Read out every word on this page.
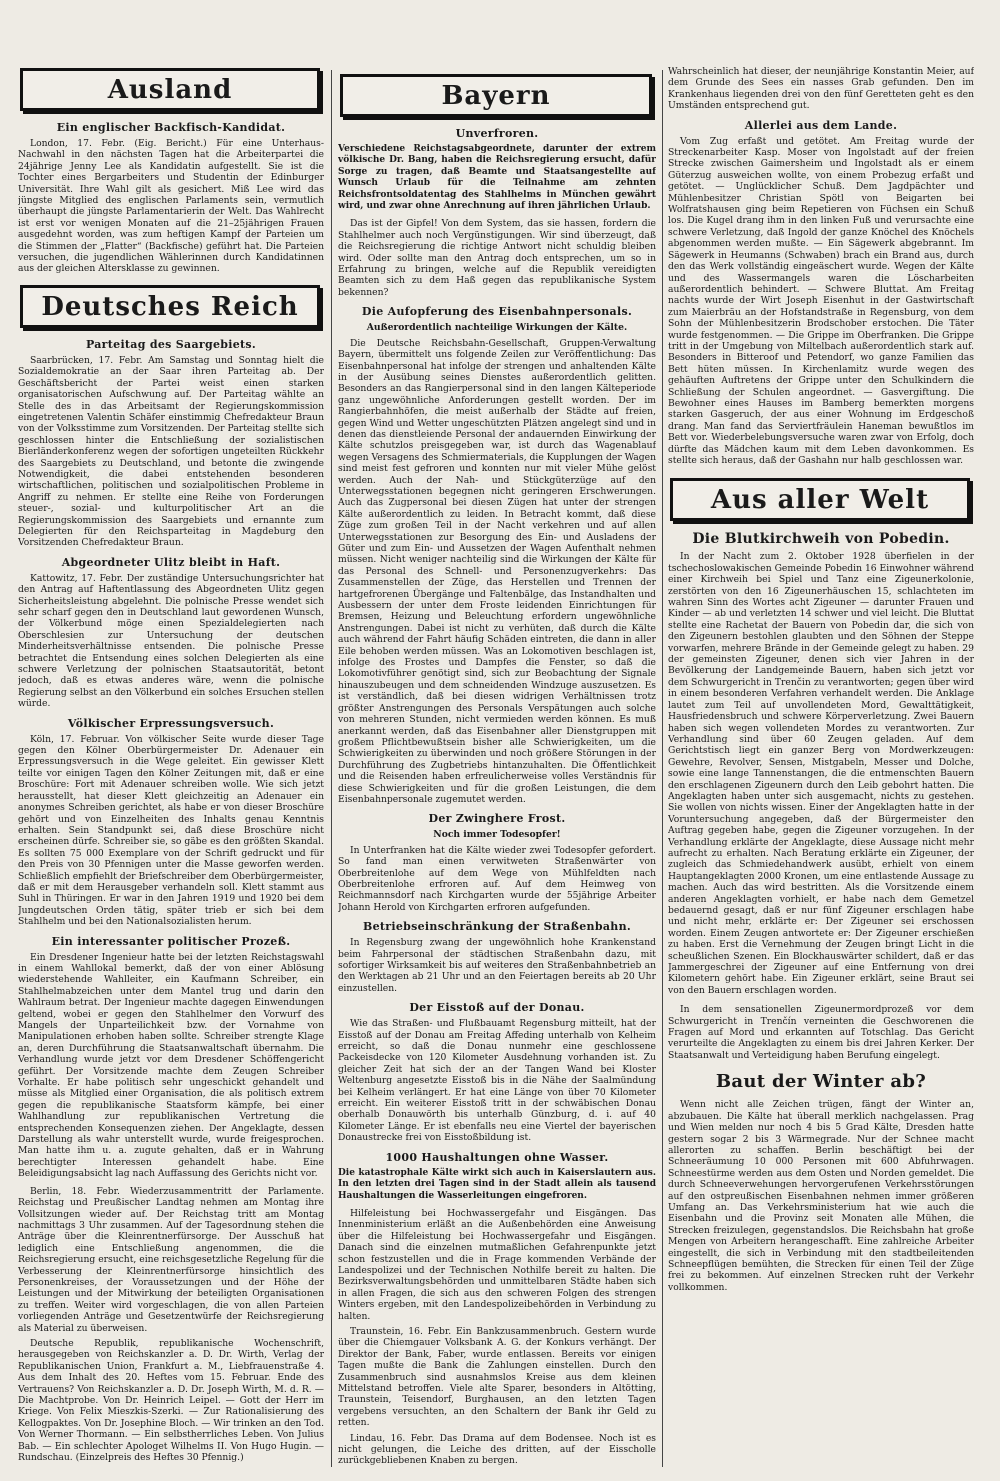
Ausland
Ein englischer Backfisch-Kandidat.

London, 17. Febr. (Eig. Bericht.) Für eine Unterhaus-Nachwahl in den nächsten Tagen hat die Arbeiterpartei die 24jährige Jenny Lee als Kandidatin aufgestellt. Sie ist die Tochter eines Bergarbeiters und Studentin der Edinburger Universität. Ihre Wahl gilt als gesichert. Miß Lee wird das jüngste Mitglied des englischen Parlaments sein, vermutlich überhaupt die jüngste Parlamentarierin der Welt. Das Wahlrecht ist erst vor wenigen Monaten auf die 21–25jährigen Frauen ausgedehnt worden, was zum heftigen Kampf der Parteien um die Stimmen der „Flatter“ (Backfische) geführt hat. Die Parteien versuchen, die jugendlichen Wählerinnen durch Kandidatinnen aus der gleichen Altersklasse zu gewinnen.

Deutsches Reich
Parteitag des Saargebiets.

Saarbrücken, 17. Febr. Am Samstag und Sonntag hielt die Sozialdemokratie an der Saar ihren Parteitag ab. Der Geschäftsbericht der Partei weist einen starken organisatorischen Aufschwung auf. Der Parteitag wählte an Stelle des in das Arbeitsamt der Regierungskommission eingetretenen Valentin Schäfer einstimmig Chefredakteur Braun von der Volksstimme zum Vorsitzenden. Der Parteitag stellte sich geschlossen hinter die Entschließung der sozialistischen Bierländerkonferenz wegen der sofortigen ungeteilten Rückkehr des Saargebiets zu Deutschland, und betonte die zwingende Notwendigkeit, die dabei entstehenden besonderen wirtschaftlichen, politischen und sozialpolitischen Probleme in Angriff zu nehmen. Er stellte eine Reihe von Forderungen steuer-, sozial- und kulturpolitischer Art an die Regierungskommission des Saargebiets und ernannte zum Delegierten für den Reichsparteitag in Magdeburg den Vorsitzenden Chefredakteur Braun.

Abgeordneter Ulitz bleibt in Haft.

Kattowitz, 17. Febr. Der zuständige Untersuchungsrichter hat den Antrag auf Haftentlassung des Abgeordneten Ulitz gegen Sicherheitsleistung abgelehnt. Die polnische Presse wendet sich sehr scharf gegen den in Deutschland laut gewordenen Wunsch, der Völkerbund möge einen Spezialdelegierten nach Oberschlesien zur Untersuchung der deutschen Minderheitsverhältnisse entsenden. Die polnische Presse betrachtet die Entsendung eines solchen Delegierten als eine schwere Verletzung der polnischen Staatsautorität, betont jedoch, daß es etwas anderes wäre, wenn die polnische Regierung selbst an den Völkerbund ein solches Ersuchen stellen würde.

Völkischer Erpressungsversuch.

Köln, 17. Februar. Von völkischer Seite wurde dieser Tage gegen den Kölner Oberbürgermeister Dr. Adenauer ein Erpressungsversuch in die Wege geleitet. Ein gewisser Klett teilte vor einigen Tagen den Kölner Zeitungen mit, daß er eine Broschüre: Fort mit Adenauer schreiben wolle. Wie sich jetzt herausstellt, hat dieser Klett gleichzeitig an Adenauer ein anonymes Schreiben gerichtet, als habe er von dieser Broschüre gehört und von Einzelheiten des Inhalts genau Kenntnis erhalten. Sein Standpunkt sei, daß diese Broschüre nicht erscheinen dürfe. Schreiber sie, so gäbe es den größten Skandal. Es sollten 75 000 Exemplare von der Schrift gedruckt und für den Preis von 30 Pfennigen unter die Masse geworfen werden. Schließlich empfiehlt der Briefschreiber dem Oberbürgermeister, daß er mit dem Herausgeber verhandeln soll. Klett stammt aus Suhl in Thüringen. Er war in den Jahren 1919 und 1920 bei dem Jungdeutschen Orden tätig, später trieb er sich bei dem Stahlhelm und bei den Nationalsozialisten herum.

Ein interessanter politischer Prozeß.

Ein Dresdener Ingenieur hatte bei der letzten Reichstagswahl in einem Wahllokal bemerkt, daß der von einer Ablösung wiederstehende Wahlleiter, ein Kaufmann Schreiber, ein Stahlhelmabzeichen unter dem Mantel trug und darin den Wahlraum betrat. Der Ingenieur machte dagegen Einwendungen geltend, wobei er gegen den Stahlhelmer den Vorwurf des Mangels der Unparteilichkeit bzw. der Vornahme von Manipulationen erhoben haben sollte. Schreiber strengte Klage an, deren Durchführung die Staatsanwaltschaft übernahm. Die Verhandlung wurde jetzt vor dem Dresdener Schöffengericht geführt. Der Vorsitzende machte dem Zeugen Schreiber Vorhalte. Er habe politisch sehr ungeschickt gehandelt und müsse als Mitglied einer Organisation, die als politisch extrem gegen die republikanische Staatsform kämpfe, bei einer Wahlhandlung zur republikanischen Vertretung die entsprechenden Konsequenzen ziehen. Der Angeklagte, dessen Darstellung als wahr unterstellt wurde, wurde freigesprochen. Man hatte ihm u. a. zugute gehalten, daß er in Wahrung berechtigter Interessen gehandelt habe. Eine Beleidigungsabsicht lag nach Auffassung des Gerichts nicht vor.

Berlin, 18. Febr. Wiederzusammentritt der Parlamente. Reichstag und Preußischer Landtag nehmen am Montag ihre Vollsitzungen wieder auf. Der Reichstag tritt am Montag nachmittags 3 Uhr zusammen. Auf der Tagesordnung stehen die Anträge über die Kleinrentnerfürsorge. Der Ausschuß hat lediglich eine Entschließung angenommen, die die Reichsregierung ersucht, eine reichsgesetzliche Regelung für die Verbesserung der Kleinrentnerfürsorge hinsichtlich des Personenkreises, der Voraussetzungen und der Höhe der Leistungen und der Mitwirkung der beteiligten Organisationen zu treffen. Weiter wird vorgeschlagen, die von allen Parteien vorliegenden Anträge und Gesetzentwürfe der Reichsregierung als Material zu überweisen.

Deutsche Republik, republikanische Wochenschrift, herausgegeben von Reichskanzler a. D. Dr. Wirth, Verlag der Republikanischen Union, Frankfurt a. M., Liebfrauenstraße 4. Aus dem Inhalt des 20. Heftes vom 15. Februar. Ende des Vertrauens? Von Reichskanzler a. D. Dr. Joseph Wirth, M. d. R. — Die Machtprobe. Von Dr. Heinrich Leipel. — Gott der Herr im Kriege. Von Felix Mieszkis-Szerki. — Zur Rationalisierung des Kellogpaktes. Von Dr. Josephine Bloch. — Wir trinken an den Tod. Von Werner Thormann. — Ein selbstherrliches Leben. Von Julius Bab. — Ein schlechter Apologet Wilhelms II. Von Hugo Hugin. — Rundschau. (Einzelpreis des Heftes 30 Pfennig.)

Bayern
Unverfroren.
Verschiedene Reichstagsabgeordnete, darunter der extrem völkische Dr. Bang, haben die Reichsregierung ersucht, dafür Sorge zu tragen, daß Beamte und Staatsangestellte auf Wunsch Urlaub für die Teilnahme am zehnten Reichsfrontsoldatentag des Stahlhelms in München gewährt wird, und zwar ohne Anrechnung auf ihren jährlichen Urlaub.

Das ist der Gipfel! Von dem System, das sie hassen, fordern die Stahlhelmer auch noch Vergünstigungen. Wir sind überzeugt, daß die Reichsregierung die richtige Antwort nicht schuldig bleiben wird. Oder sollte man den Antrag doch entsprechen, um so in Erfahrung zu bringen, welche auf die Republik vereidigten Beamten sich zu dem Haß gegen das republikanische System bekennen?

Die Aufopferung des Eisenbahnpersonals.
Außerordentlich nachteilige Wirkungen der Kälte.

Die Deutsche Reichsbahn-Gesellschaft, Gruppen-Verwaltung Bayern, übermittelt uns folgende Zeilen zur Veröffentlichung: Das Eisenbahnpersonal hat infolge der strengen und anhaltenden Kälte in der Ausübung seines Dienstes außerordentlich gelitten. Besonders an das Rangierpersonal sind in den langen Kälteperiode ganz ungewöhnliche Anforderungen gestellt worden. Der im Rangierbahnhöfen, die meist außerhalb der Städte auf freien, gegen Wind und Wetter ungeschützten Plätzen angelegt sind und in denen das dienstleiende Personal der andauernden Einwirkung der Kälte schutzlos preisgegeben war, ist durch das Wagenablauf wegen Versagens des Schmiermaterials, die Kupplungen der Wagen sind meist fest gefroren und konnten nur mit vieler Mühe gelöst werden. Auch der Nah- und Stückgüterzüge auf den Unterwegsstationen begegnen nicht geringeren Erschwerungen. Auch das Zugpersonal bei diesen Zügen hat unter der strengen Kälte außerordentlich zu leiden. In Betracht kommt, daß diese Züge zum großen Teil in der Nacht verkehren und auf allen Unterwegsstationen zur Besorgung des Ein- und Ausladens der Güter und zum Ein- und Aussetzen der Wagen Aufenthalt nehmen müssen. Nicht weniger nachteilig sind die Wirkungen der Kälte für das Personal des Schnell- und Personenzugverkehrs: Das Zusammenstellen der Züge, das Herstellen und Trennen der hartgefrorenen Übergänge und Faltenbälge, das Instandhalten und Ausbessern der unter dem Froste leidenden Einrichtungen für Bremsen, Heizung und Beleuchtung erfordern ungewöhnliche Anstrengungen. Dabei ist nicht zu verhüten, daß durch die Kälte auch während der Fahrt häufig Schäden eintreten, die dann in aller Eile behoben werden müssen. Was an Lokomotiven beschlagen ist, infolge des Frostes und Dampfes die Fenster, so daß die Lokomotivführer genötigt sind, sich zur Beobachtung der Signale hinauszubeugen und dem schneidenden Windzuge auszusetzen. Es ist verständlich, daß bei diesen widrigen Verhältnissen trotz größter Anstrengungen des Personals Verspätungen auch solche von mehreren Stunden, nicht vermieden werden können. Es muß anerkannt werden, daß das Eisenbahner aller Dienstgruppen mit großem Pflichtbewußtsein bisher alle Schwierigkeiten, um die Schwierigkeiten zu überwinden und noch größere Störungen in der Durchführung des Zugbetriebs hintanzuhalten. Die Öffentlichkeit und die Reisenden haben erfreulicherweise volles Verständnis für diese Schwierigkeiten und für die großen Leistungen, die dem Eisenbahnpersonale zugemutet werden.

Der Zwinghere Frost.
Noch immer Todesopfer!

In Unterfranken hat die Kälte wieder zwei Todesopfer gefordert. So fand man einen verwitweten Straßenwärter von Oberbreitenlohe auf dem Wege von Mühlfeldten nach Oberbreitenlohe erfroren auf. Auf dem Heimweg von Reichmannsdorf nach Kirchgarten wurde der 55jährige Arbeiter Johann Herold von Kirchgarten erfroren aufgefunden.

Betriebseinschränkung der Straßenbahn.

In Regensburg zwang der ungewöhnlich hohe Krankenstand beim Fahrpersonal der städtischen Straßenbahn dazu, mit sofortiger Wirksamkeit bis auf weiteres den Straßenbahnbetrieb an den Werktagen ab 21 Uhr und an den Feiertagen bereits ab 20 Uhr einzustellen.

Der Eisstoß auf der Donau.

Wie das Straßen- und Flußbauamt Regensburg mitteilt, hat der Eisstoß auf der Donau am Freitag Affeding unterhalb von Kelheim erreicht, so daß die Donau nunmehr eine geschlossene Packeisdecke von 120 Kilometer Ausdehnung vorhanden ist. Zu gleicher Zeit hat sich der an der Tangen Wand bei Kloster Weltenburg angesetzte Eisstoß bis in die Nähe der Saalmündung bei Kelheim verlängert. Er hat eine Länge von über 70 Kilometer erreicht. Ein weiterer Eisstoß tritt in der schwäbischen Donau oberhalb Donauwörth bis unterhalb Günzburg, d. i. auf 40 Kilometer Länge. Er ist ebenfalls neu eine Viertel der bayerischen Donaustrecke frei von Eisstoßbildung ist.

1000 Haushaltungen ohne Wasser.
Die katastrophale Kälte wirkt sich auch in Kaiserslautern aus. In den letzten drei Tagen sind in der Stadt allein als tausend Haushaltungen die Wasserleitungen eingefroren.

Hilfeleistung bei Hochwassergefahr und Eisgängen. Das Innenministerium erläßt an die Außenbehörden eine Anweisung über die Hilfeleistung bei Hochwassergefahr und Eisgängen. Danach sind die einzelnen mutmaßlichen Gefahrenpunkte jetzt schon festzustellen und die in Frage kommenden Verbände der Landespolizei und der Technischen Nothilfe bereit zu halten. Die Bezirksverwaltungsbehörden und unmittelbaren Städte haben sich in allen Fragen, die sich aus den schweren Folgen des strengen Winters ergeben, mit den Landespolizeibehörden in Verbindung zu halten.

Traunstein, 16. Febr. Ein Bankzusammenbruch. Gestern wurde über die Chiemgauer Volksbank A. G. der Konkurs verhängt. Der Direktor der Bank, Faber, wurde entlassen. Bereits vor einigen Tagen mußte die Bank die Zahlungen einstellen. Durch den Zusammenbruch sind ausnahmslos Kreise aus dem kleinen Mittelstand betroffen. Viele alte Sparer, besonders in Altötting, Traunstein, Teisendorf, Burghausen, an den letzten Tagen vergebens versuchten, an den Schaltern der Bank ihr Geld zu retten.

Lindau, 16. Febr. Das Drama auf dem Bodensee. Noch ist es nicht gelungen, die Leiche des dritten, auf der Eisscholle zurückgebliebenen Knaben zu bergen.

Wahrscheinlich hat dieser, der neunjährige Konstantin Meier, auf dem Grunde des Sees ein nasses Grab gefunden. Den im Krankenhaus liegenden drei von den fünf Geretteten geht es den Umständen entsprechend gut.

Allerlei aus dem Lande.

Vom Zug erfaßt und getötet. Am Freitag wurde der Streckenarbeiter Kasp. Moser von Ingolstadt auf der freien Strecke zwischen Gaimersheim und Ingolstadt als er einem Güterzug ausweichen wollte, von einem Probezug erfaßt und getötet. — Unglücklicher Schuß. Dem Jagdpächter und Mühlenbesitzer Christian Spötl von Beigarten bei Wolfratshausen ging beim Repetieren von Füchsen ein Schuß los. Die Kugel drang ihm in den linken Fuß und verursachte eine schwere Verletzung, daß Ingold der ganze Knöchel des Knöchels abgenommen werden mußte. — Ein Sägewerk abgebrannt. Im Sägewerk in Heumanns (Schwaben) brach ein Brand aus, durch den das Werk vollständig eingeäschert wurde. Wegen der Kälte und des Wassermangels waren die Löscharbeiten außerordentlich behindert. — Schwere Bluttat. Am Freitag nachts wurde der Wirt Joseph Eisenhut in der Gastwirtschaft zum Maierbräu an der Hofstandstraße in Regensburg, von dem Sohn der Mühlenbesitzerin Brodschober erstochen. Die Täter wurde festgenommen. — Die Grippe im Oberfranken. Die Grippe tritt in der Umgebung von Miltelbach außerordentlich stark auf. Besonders in Bitteroof und Petendorf, wo ganze Familien das Bett hüten müssen. In Kirchenlamitz wurde wegen des gehäuften Auftretens der Grippe unter den Schulkindern die Schließung der Schulen angeordnet. — Gasvergiftung. Die Bewohner eines Hauses im Bamberg bemerkten morgens starken Gasgeruch, der aus einer Wohnung im Erdgeschoß drang. Man fand das Serviertfräulein Haneman bewußtlos im Bett vor. Wiederbelebungsversuche waren zwar von Erfolg, doch dürfte das Mädchen kaum mit dem Leben davonkommen. Es stellte sich heraus, daß der Gashahn nur halb geschlossen war.

Aus aller Welt
Die Blutkirchweih von Pobedin.

In der Nacht zum 2. Oktober 1928 überfielen in der tschechoslowakischen Gemeinde Pobedin 16 Einwohner während einer Kirchweih bei Spiel und Tanz eine Zigeunerkolonie, zerstörten von den 16 Zigeunerhäuschen 15, schlachteten im wahren Sinn des Wortes acht Zigeuner — darunter Frauen und Kinder — ab und verletzten 14 schwer und viel leicht. Die Bluttat stellte eine Rachetat der Bauern von Pobedin dar, die sich von den Zigeunern bestohlen glaubten und den Söhnen der Steppe vorwarfen, mehrere Brände in der Gemeinde gelegt zu haben. 29 der gemeinsten Zigeuner, denen sich vier Jahren in der Bevölkerung der Landgemeinde Bauern, haben sich jetzt vor dem Schwurgericht in Trenčin zu verantworten; gegen über wird in einem besonderen Verfahren verhandelt werden. Die Anklage lautet zum Teil auf unvollendeten Mord, Gewalttätigkeit, Hausfriedensbruch und schwere Körperverletzung. Zwei Bauern haben sich wegen vollendeten Mordes zu verantworten. Zur Verhandlung sind über 60 Zeugen geladen. Auf dem Gerichtstisch liegt ein ganzer Berg von Mordwerkzeugen: Gewehre, Revolver, Sensen, Mistgabeln, Messer und Dolche, sowie eine lange Tannenstangen, die die entmenschten Bauern den erschlagenen Zigeunern durch den Leib gebohrt hatten. Die Angeklagten haben unter sich ausgemacht, nichts zu gestehen. Sie wollen von nichts wissen. Einer der Angeklagten hatte in der Voruntersuchung angegeben, daß der Bürgermeister den Auftrag gegeben habe, gegen die Zigeuner vorzugehen. In der Verhandlung erklärte der Angeklagte, diese Aussage nicht mehr aufrecht zu erhalten. Nach Beratung erklärte ein Zigeuner, der zugleich das Schmiedehandwerk ausübt, erhielt von einem Hauptangeklagten 2000 Kronen, um eine entlastende Aussage zu machen. Auch das wird bestritten. Als die Vorsitzende einem anderen Angeklagten vorhielt, er habe nach dem Gemetzel bedauernd gesagt, daß er nur fünf Zigeuner erschlagen habe und nicht mehr, erklärte er: Der Zigeuner sei erschossen worden. Einem Zeugen antwortete er: Der Zigeuner erschießen zu haben. Erst die Vernehmung der Zeugen bringt Licht in die scheußlichen Szenen. Ein Blockhauswärter schildert, daß er das Jammergeschrei der Zigeuner auf eine Entfernung von drei Kilometern gehört habe. Ein Zigeuner erklärt, seine Braut sei von den Bauern erschlagen worden.

In dem sensationellen Zigeunermordprozeß vor dem Schwurgericht in Trenčín verneinten die Geschworenen die Fragen auf Mord und erkannten auf Totschlag. Das Gericht verurteilte die Angeklagten zu einem bis drei Jahren Kerker. Der Staatsanwalt und Verteidigung haben Berufung eingelegt.

Baut der Winter ab?

Wenn nicht alle Zeichen trügen, fängt der Winter an, abzubauen. Die Kälte hat überall merklich nachgelassen. Prag und Wien melden nur noch 4 bis 5 Grad Kälte, Dresden hatte gestern sogar 2 bis 3 Wärmegrade. Nur der Schnee macht allerorten zu schaffen. Berlin beschäftigt bei der Schneeräumung 10 000 Personen mit 600 Abfuhrwagen. Schneestürme werden aus dem Osten und Norden gemeldet. Die durch Schneeverwehungen hervorgerufenen Verkehrsstörungen auf den ostpreußischen Eisenbahnen nehmen immer größeren Umfang an. Das Verkehrsministerium hat wie auch die Eisenbahn und die Provinz seit Monaten alle Mühen, die Strecken freizulegen, gegenstandslos. Die Reichsbahn hat große Mengen von Arbeitern herangeschafft. Eine zahlreiche Arbeiter eingestellt, die sich in Verbindung mit den stadtbeileitenden Schneepflügen bemühten, die Strecken für einen Teil der Züge frei zu bekommen. Auf einzelnen Strecken ruht der Verkehr vollkommen.
